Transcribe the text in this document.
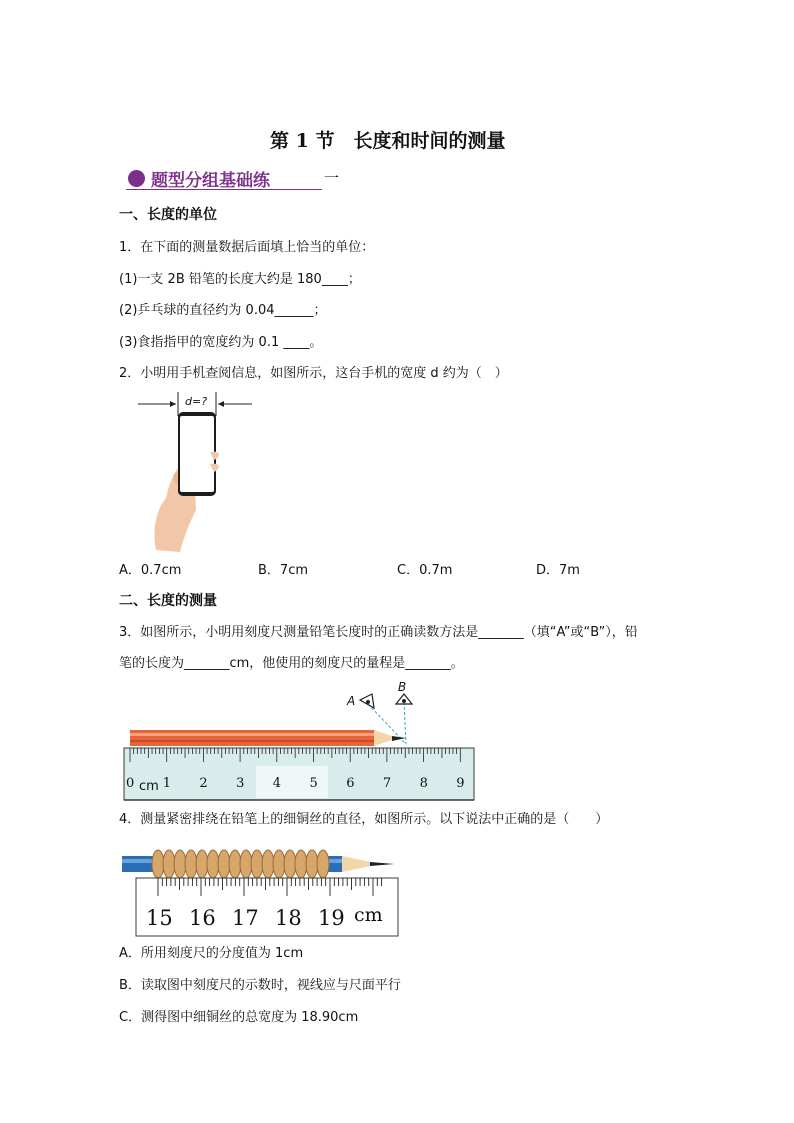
第 1 节　长度和时间的测量
题型分组基础练	一
一、长度的单位
1．在下面的测量数据后面填上恰当的单位：
(1)一支 2B 铅笔的长度大约是 180____；
(2)乒乓球的直径约为 0.04______；
(3)食指指甲的宽度约为 0.1 ____。
2．小明用手机查阅信息，如图所示，这台手机的宽度 d 约为（　）
d=?
A．0.7cm	B．7cm	C．0.7m	D．7m
二、长度的测量
3．如图所示，小明用刻度尺测量铅笔长度时的正确读数方法是_______（填“A”或“B”），铅
笔的长度为_______cm，他使用的刻度尺的量程是_______。
A
B
0 1 2 3 4 5 6 7 8 9
cm
4．测量紧密排绕在铅笔上的细铜丝的直径，如图所示。以下说法中正确的是（　　）
15 16 17 18 19 cm
A．所用刻度尺的分度值为 1cm
B．读取图中刻度尺的示数时，视线应与尺面平行
C．测得图中细铜丝的总宽度为 18.90cm
